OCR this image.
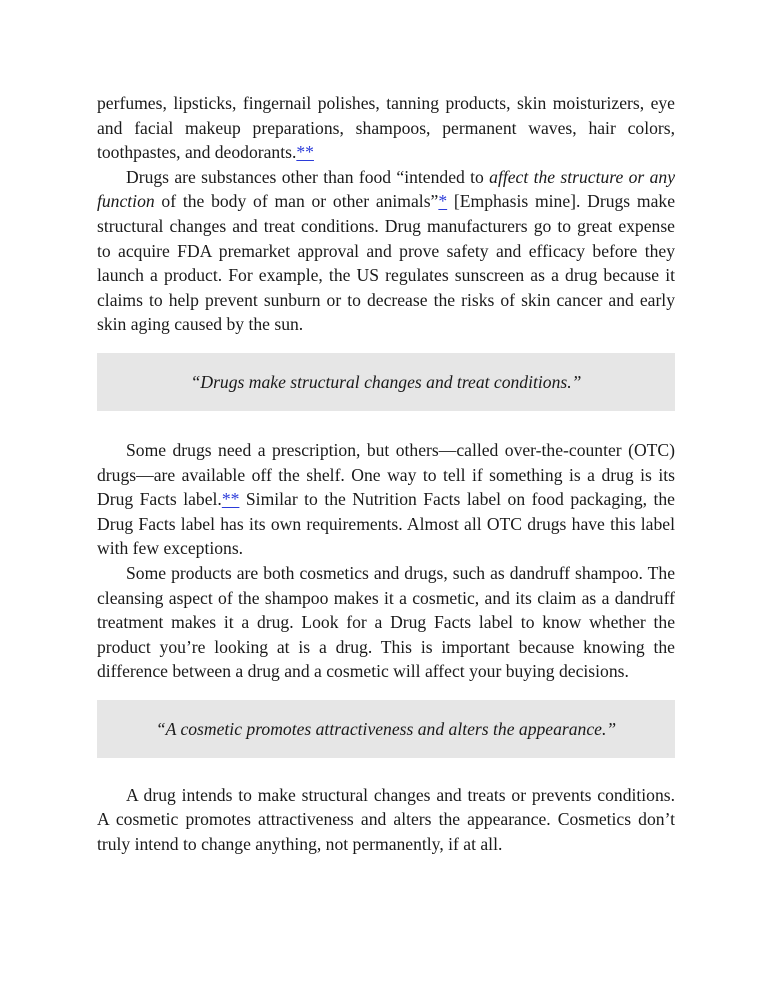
perfumes, lipsticks, fingernail polishes, tanning products, skin moisturizers, eye and facial makeup preparations, shampoos, permanent waves, hair colors, toothpastes, and deodorants.**

Drugs are substances other than food “intended to affect the structure or any function of the body of man or other animals”* [Emphasis mine]. Drugs make structural changes and treat conditions. Drug manufacturers go to great expense to acquire FDA premarket approval and prove safety and efficacy before they launch a product. For example, the US regulates sunscreen as a drug because it claims to help prevent sunburn or to decrease the risks of skin cancer and early skin aging caused by the sun.

“Drugs make structural changes and treat conditions.”

Some drugs need a prescription, but others—called over-the-counter (OTC) drugs—are available off the shelf. One way to tell if something is a drug is its Drug Facts label.** Similar to the Nutrition Facts label on food packaging, the Drug Facts label has its own requirements. Almost all OTC drugs have this label with few exceptions.

Some products are both cosmetics and drugs, such as dandruff shampoo. The cleansing aspect of the shampoo makes it a cosmetic, and its claim as a dandruff treatment makes it a drug. Look for a Drug Facts label to know whether the product you’re looking at is a drug. This is important because knowing the difference between a drug and a cosmetic will affect your buying decisions.

“A cosmetic promotes attractiveness and alters the appearance.”

A drug intends to make structural changes and treats or prevents conditions. A cosmetic promotes attractiveness and alters the appearance. Cosmetics don’t truly intend to change anything, not permanently, if at all.
